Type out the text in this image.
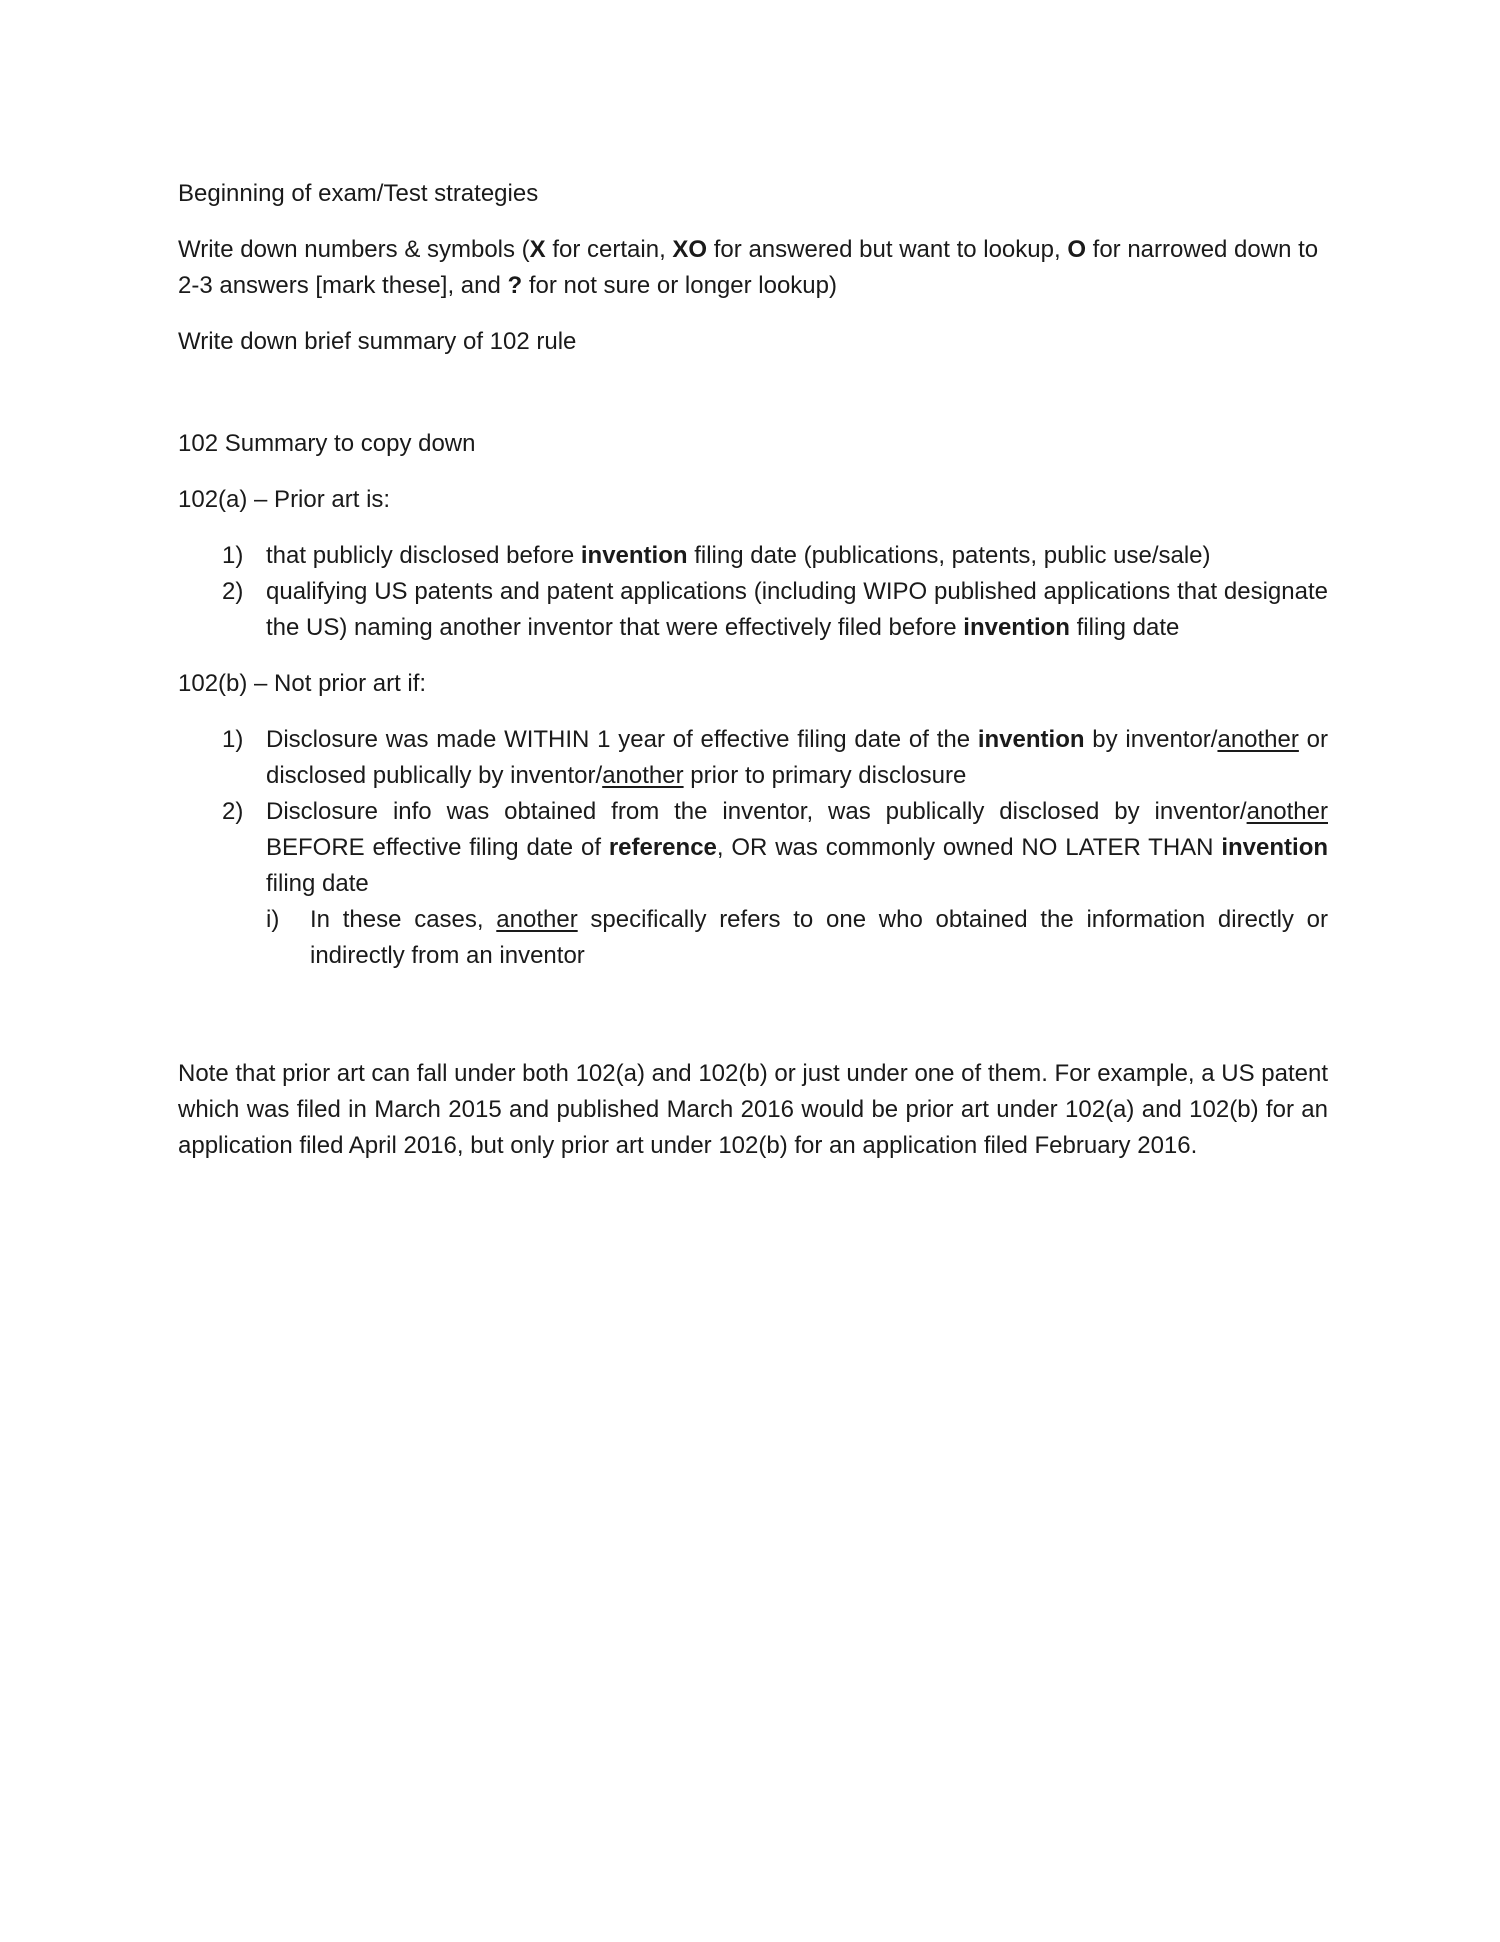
Beginning of exam/Test strategies

Write down numbers & symbols (X for certain, XO for answered but want to lookup, O for narrowed down to 2-3 answers [mark these], and ? for not sure or longer lookup)

Write down brief summary of 102 rule

102 Summary to copy down

102(a) – Prior art is:

1) that publicly disclosed before invention filing date (publications, patents, public use/sale)
2) qualifying US patents and patent applications (including WIPO published applications that designate the US) naming another inventor that were effectively filed before invention filing date

102(b) – Not prior art if:

1) Disclosure was made WITHIN 1 year of effective filing date of the invention by inventor/another or disclosed publically by inventor/another prior to primary disclosure
2) Disclosure info was obtained from the inventor, was publically disclosed by inventor/another BEFORE effective filing date of reference, OR was commonly owned NO LATER THAN invention filing date
i) In these cases, another specifically refers to one who obtained the information directly or indirectly from an inventor

Note that prior art can fall under both 102(a) and 102(b) or just under one of them. For example, a US patent which was filed in March 2015 and published March 2016 would be prior art under 102(a) and 102(b) for an application filed April 2016, but only prior art under 102(b) for an application filed February 2016.
